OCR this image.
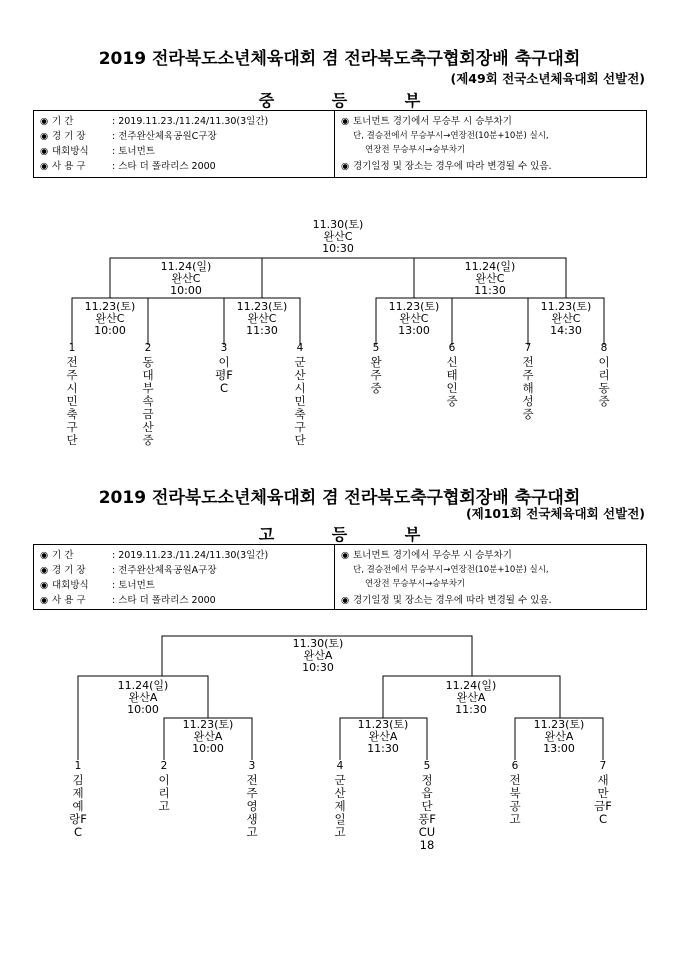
2019 전라북도소년체육대회 겸 전라북도축구협회장배 축구대회
(제49회 전국소년체육대회 선발전)
중 등 부
◉ 기 간	: 2019.11.23./11.24/11.30(3일간)
◉ 경 기 장	: 전주완산체육공원C구장
◉ 대회방식 : 토너먼트
◉ 사 용 구	: 스타 더 폴라리스 2000
◉ 토너먼트 경기에서 무승부 시 승부차기
단, 결승전에서 무승부시→연장전(10분+10분) 실시,
연장전 무승부시→승부차기
◉ 경기일정 및 장소는 경우에 따라 변경될 수 있음.
11.30(토)
완산C
10:30
11.24(일)
완산C
10:00
11.24(일)
완산C
11:30
11.23(토)
완산C
10:00
11.23(토)
완산C
11:30
11.23(토)
완산C
13:00
11.23(토)
완산C
14:30
1
전주시민축구단
2
동대부속금산중
3
이평FC
4
군산시민축구단
5
완주중
6
신태인중
7
전주해성중
8
이리동중
2019 전라북도소년체육대회 겸 전라북도축구협회장배 축구대회
(제101회 전국체육대회 선발전)
고 등 부
◉ 기 간	: 2019.11.23./11.24/11.30(3일간)
◉ 경 기 장	: 전주완산체육공원A구장
◉ 대회방식 : 토너먼트
◉ 사 용 구	: 스타 더 폴라리스 2000
◉ 토너먼트 경기에서 무승부 시 승부차기
단, 결승전에서 무승부시→연장전(10분+10분) 실시,
연장전 무승부시→승부차기
◉ 경기일정 및 장소는 경우에 따라 변경될 수 있음.
11.30(토)
완산A
10:30
11.24(일)
완산A
10:00
11.24(일)
완산A
11:30
11.23(토)
완산A
10:00
11.23(토)
완산A
11:30
11.23(토)
완산A
13:00
1
김제예랑FC
2
이리고
3
전주영생고
4
군산제일고
5
정읍단풍FCU18
6
전북공고
7
새만금FC
